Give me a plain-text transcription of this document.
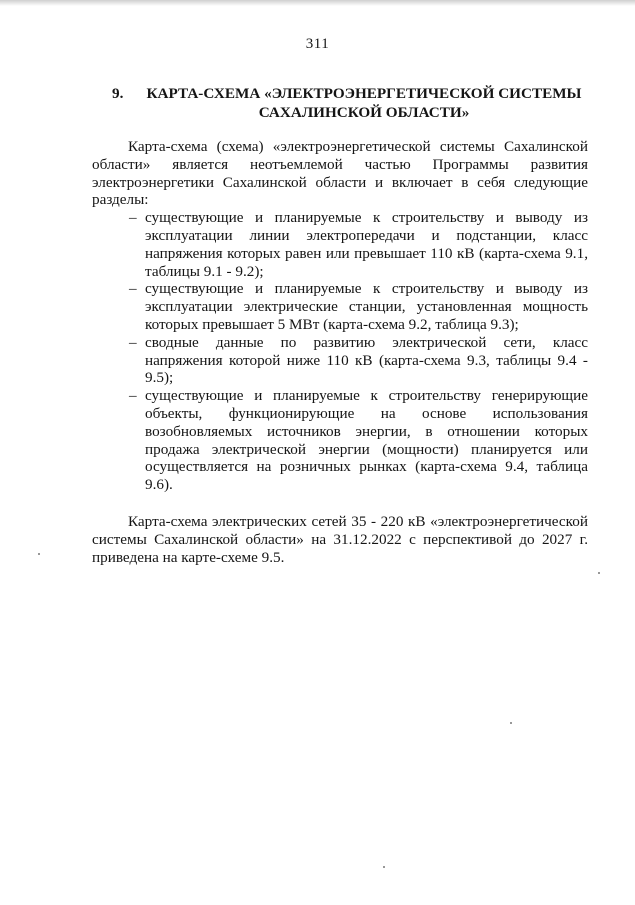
311
9. КАРТА-СХЕМА «ЭЛЕКТРОЭНЕРГЕТИЧЕСКОЙ СИСТЕМЫ
САХАЛИНСКОЙ ОБЛАСТИ»

Карта-схема (схема) «электроэнергетической системы Сахалинской области» является неотъемлемой частью Программы развития электроэнергетики Сахалинской области и включает в себя следующие разделы:

– существующие и планируемые к строительству и выводу из эксплуатации линии электропередачи и подстанции, класс напряжения которых равен или превышает 110 кВ (карта-схема 9.1, таблицы 9.1 - 9.2);
– существующие и планируемые к строительству и выводу из эксплуатации электрические станции, установленная мощность которых превышает 5 МВт (карта-схема 9.2, таблица 9.3);
– сводные данные по развитию электрической сети, класс напряжения которой ниже 110 кВ (карта-схема 9.3, таблицы 9.4 - 9.5);
– существующие и планируемые к строительству генерирующие объекты, функционирующие на основе использования возобновляемых источников энергии, в отношении которых продажа электрической энергии (мощности) планируется или осуществляется на розничных рынках (карта-схема 9.4, таблица 9.6).

Карта-схема электрических сетей 35 - 220 кВ «электроэнергетической системы Сахалинской области» на 31.12.2022 с перспективой до 2027 г. приведена на карте-схеме 9.5.
